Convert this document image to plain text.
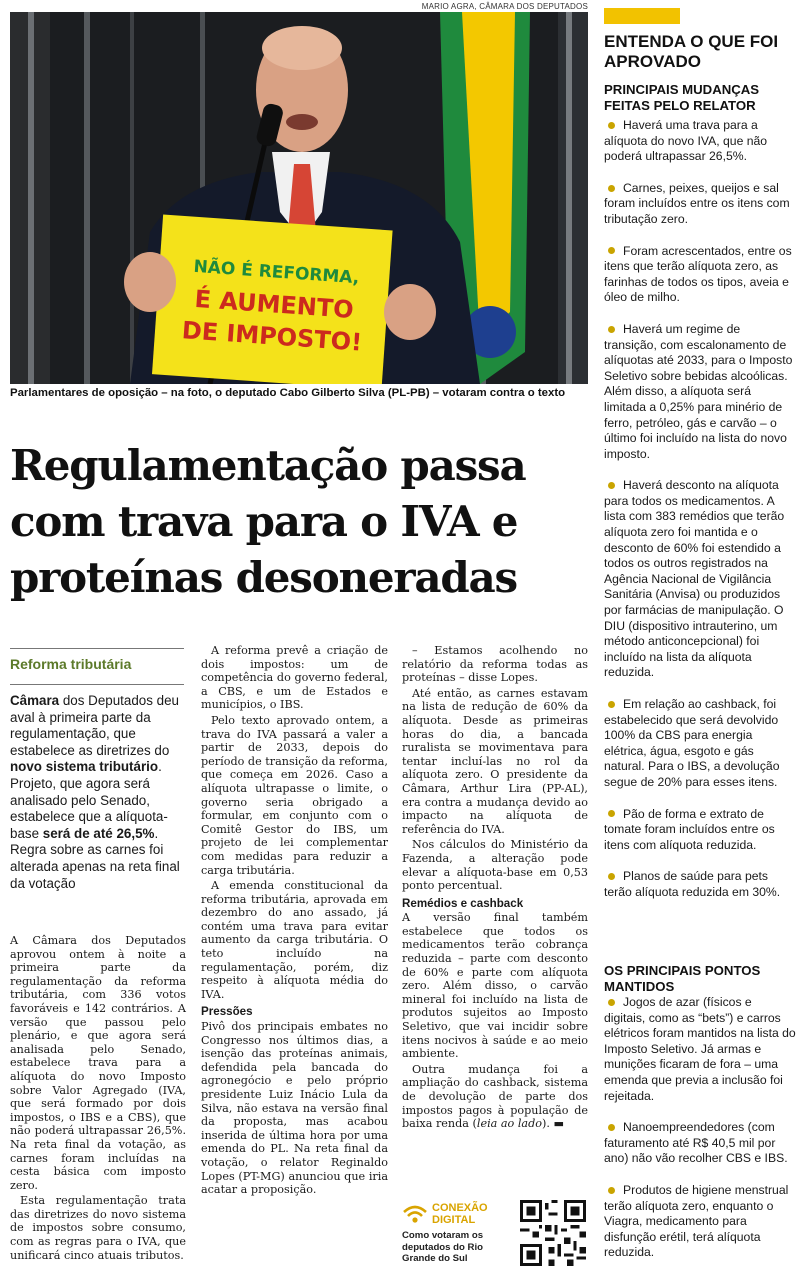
MARIO AGRA, CÂMARA DOS DEPUTADOS
NÃO É REFORMA,
É AUMENTO
DE IMPOSTO!
Parlamentares de oposição – na foto, o deputado Cabo Gilberto Silva (PL-PB) – votaram contra o texto
Regulamentação passa com trava para o IVA e proteínas desoneradas
Reforma tributária
Câmara dos Deputados deu aval à primeira parte da regulamentação, que estabelece as diretrizes do novo sistema tributário. Projeto, que agora será analisado pelo Senado, estabelece que a alíquota-base será de até 26,5%. Regra sobre as carnes foi alterada apenas na reta final da votação

A Câmara dos Deputados aprovou ontem à noite a primeira parte da regulamentação da reforma tributária, com 336 votos favoráveis e 142 contrários. A versão que passou pelo plenário, e que agora será analisada pelo Senado, estabelece trava para a alíquota do novo Imposto sobre Valor Agregado (IVA, que será formado por dois impostos, o IBS e a CBS), que não poderá ultrapassar 26,5%. Na reta final da votação, as carnes foram incluídas na cesta básica com imposto zero.

Esta regulamentação trata das diretrizes do novo sistema de impostos sobre consumo, com as regras para o IVA, que unificará cinco atuais tributos.

A reforma prevê a criação de dois impostos: um de competência do governo federal, a CBS, e um de Estados e municípios, o IBS.

Pelo texto aprovado ontem, a trava do IVA passará a valer a partir de 2033, depois do período de transição da reforma, que começa em 2026. Caso a alíquota ultrapasse o limite, o governo seria obrigado a formular, em conjunto com o Comitê Gestor do IBS, um projeto de lei complementar com medidas para reduzir a carga tributária.

A emenda constitucional da reforma tributária, aprovada em dezembro do ano assado, já contém uma trava para evitar aumento da carga tributária. O teto incluído na regulamentação, porém, diz respeito à alíquota média do IVA.

Pressões

Pivô dos principais embates no Congresso nos últimos dias, a isenção das proteínas animais, defendida pela bancada do agronegócio e pelo próprio presidente Luiz Inácio Lula da Silva, não estava na versão final da proposta, mas acabou inserida de última hora por uma emenda do PL. Na reta final da votação, o relator Reginaldo Lopes (PT-MG) anunciou que iria acatar a proposição.

– Estamos acolhendo no relatório da reforma todas as proteínas – disse Lopes.

Até então, as carnes estavam na lista de redução de 60% da alíquota. Desde as primeiras horas do dia, a bancada ruralista se movimentava para tentar incluí-las no rol da alíquota zero. O presidente da Câmara, Arthur Lira (PP-AL), era contra a mudança devido ao impacto na alíquota de referência do IVA.

Nos cálculos do Ministério da Fazenda, a alteração pode elevar a alíquota-base em 0,53 ponto percentual.

Remédios e cashback

A versão final também estabelece que todos os medicamentos terão cobrança reduzida – parte com desconto de 60% e parte com alíquota zero. Além disso, o carvão mineral foi incluído na lista de produtos sujeitos ao Imposto Seletivo, que vai incidir sobre itens nocivos à saúde e ao meio ambiente.

Outra mudança foi a ampliação do cashback, sistema de devolução de parte dos impostos pagos à população de baixa renda (leia ao lado). ▬

CONEXÃO
DIGITAL
Como votaram os deputados do Rio Grande do Sul
ENTENDA O QUE FOI APROVADO
PRINCIPAIS MUDANÇAS FEITAS PELO RELATOR
Haverá uma trava para a alíquota do novo IVA, que não poderá ultrapassar 26,5%.
Carnes, peixes, queijos e sal foram incluídos entre os itens com tributação zero.
Foram acrescentados, entre os itens que terão alíquota zero, as farinhas de todos os tipos, aveia e óleo de milho.
Haverá um regime de transição, com escalonamento de alíquotas até 2033, para o Imposto Seletivo sobre bebidas alcoólicas. Além disso, a alíquota será limitada a 0,25% para minério de ferro, petróleo, gás e carvão – o último foi incluído na lista do novo imposto.
Haverá desconto na alíquota para todos os medicamentos. A lista com 383 remédios que terão alíquota zero foi mantida e o desconto de 60% foi estendido a todos os outros registrados na Agência Nacional de Vigilância Sanitária (Anvisa) ou produzidos por farmácias de manipulação. O DIU (dispositivo intrauterino, um método anticoncepcional) foi incluído na lista da alíquota reduzida.
Em relação ao cashback, foi estabelecido que será devolvido 100% da CBS para energia elétrica, água, esgoto e gás natural. Para o IBS, a devolução segue de 20% para esses itens.
Pão de forma e extrato de tomate foram incluídos entre os itens com alíquota reduzida.
Planos de saúde para pets terão alíquota reduzida em 30%.
OS PRINCIPAIS PONTOS MANTIDOS
Jogos de azar (físicos e digitais, como as “bets”) e carros elétricos foram mantidos na lista do Imposto Seletivo. Já armas e munições ficaram de fora – uma emenda que previa a inclusão foi rejeitada.
Nanoempreendedores (com faturamento até R$ 40,5 mil por ano) não vão recolher CBS e IBS.
Produtos de higiene menstrual terão alíquota zero, enquanto o Viagra, medicamento para disfunção erétil, terá alíquota reduzida.
